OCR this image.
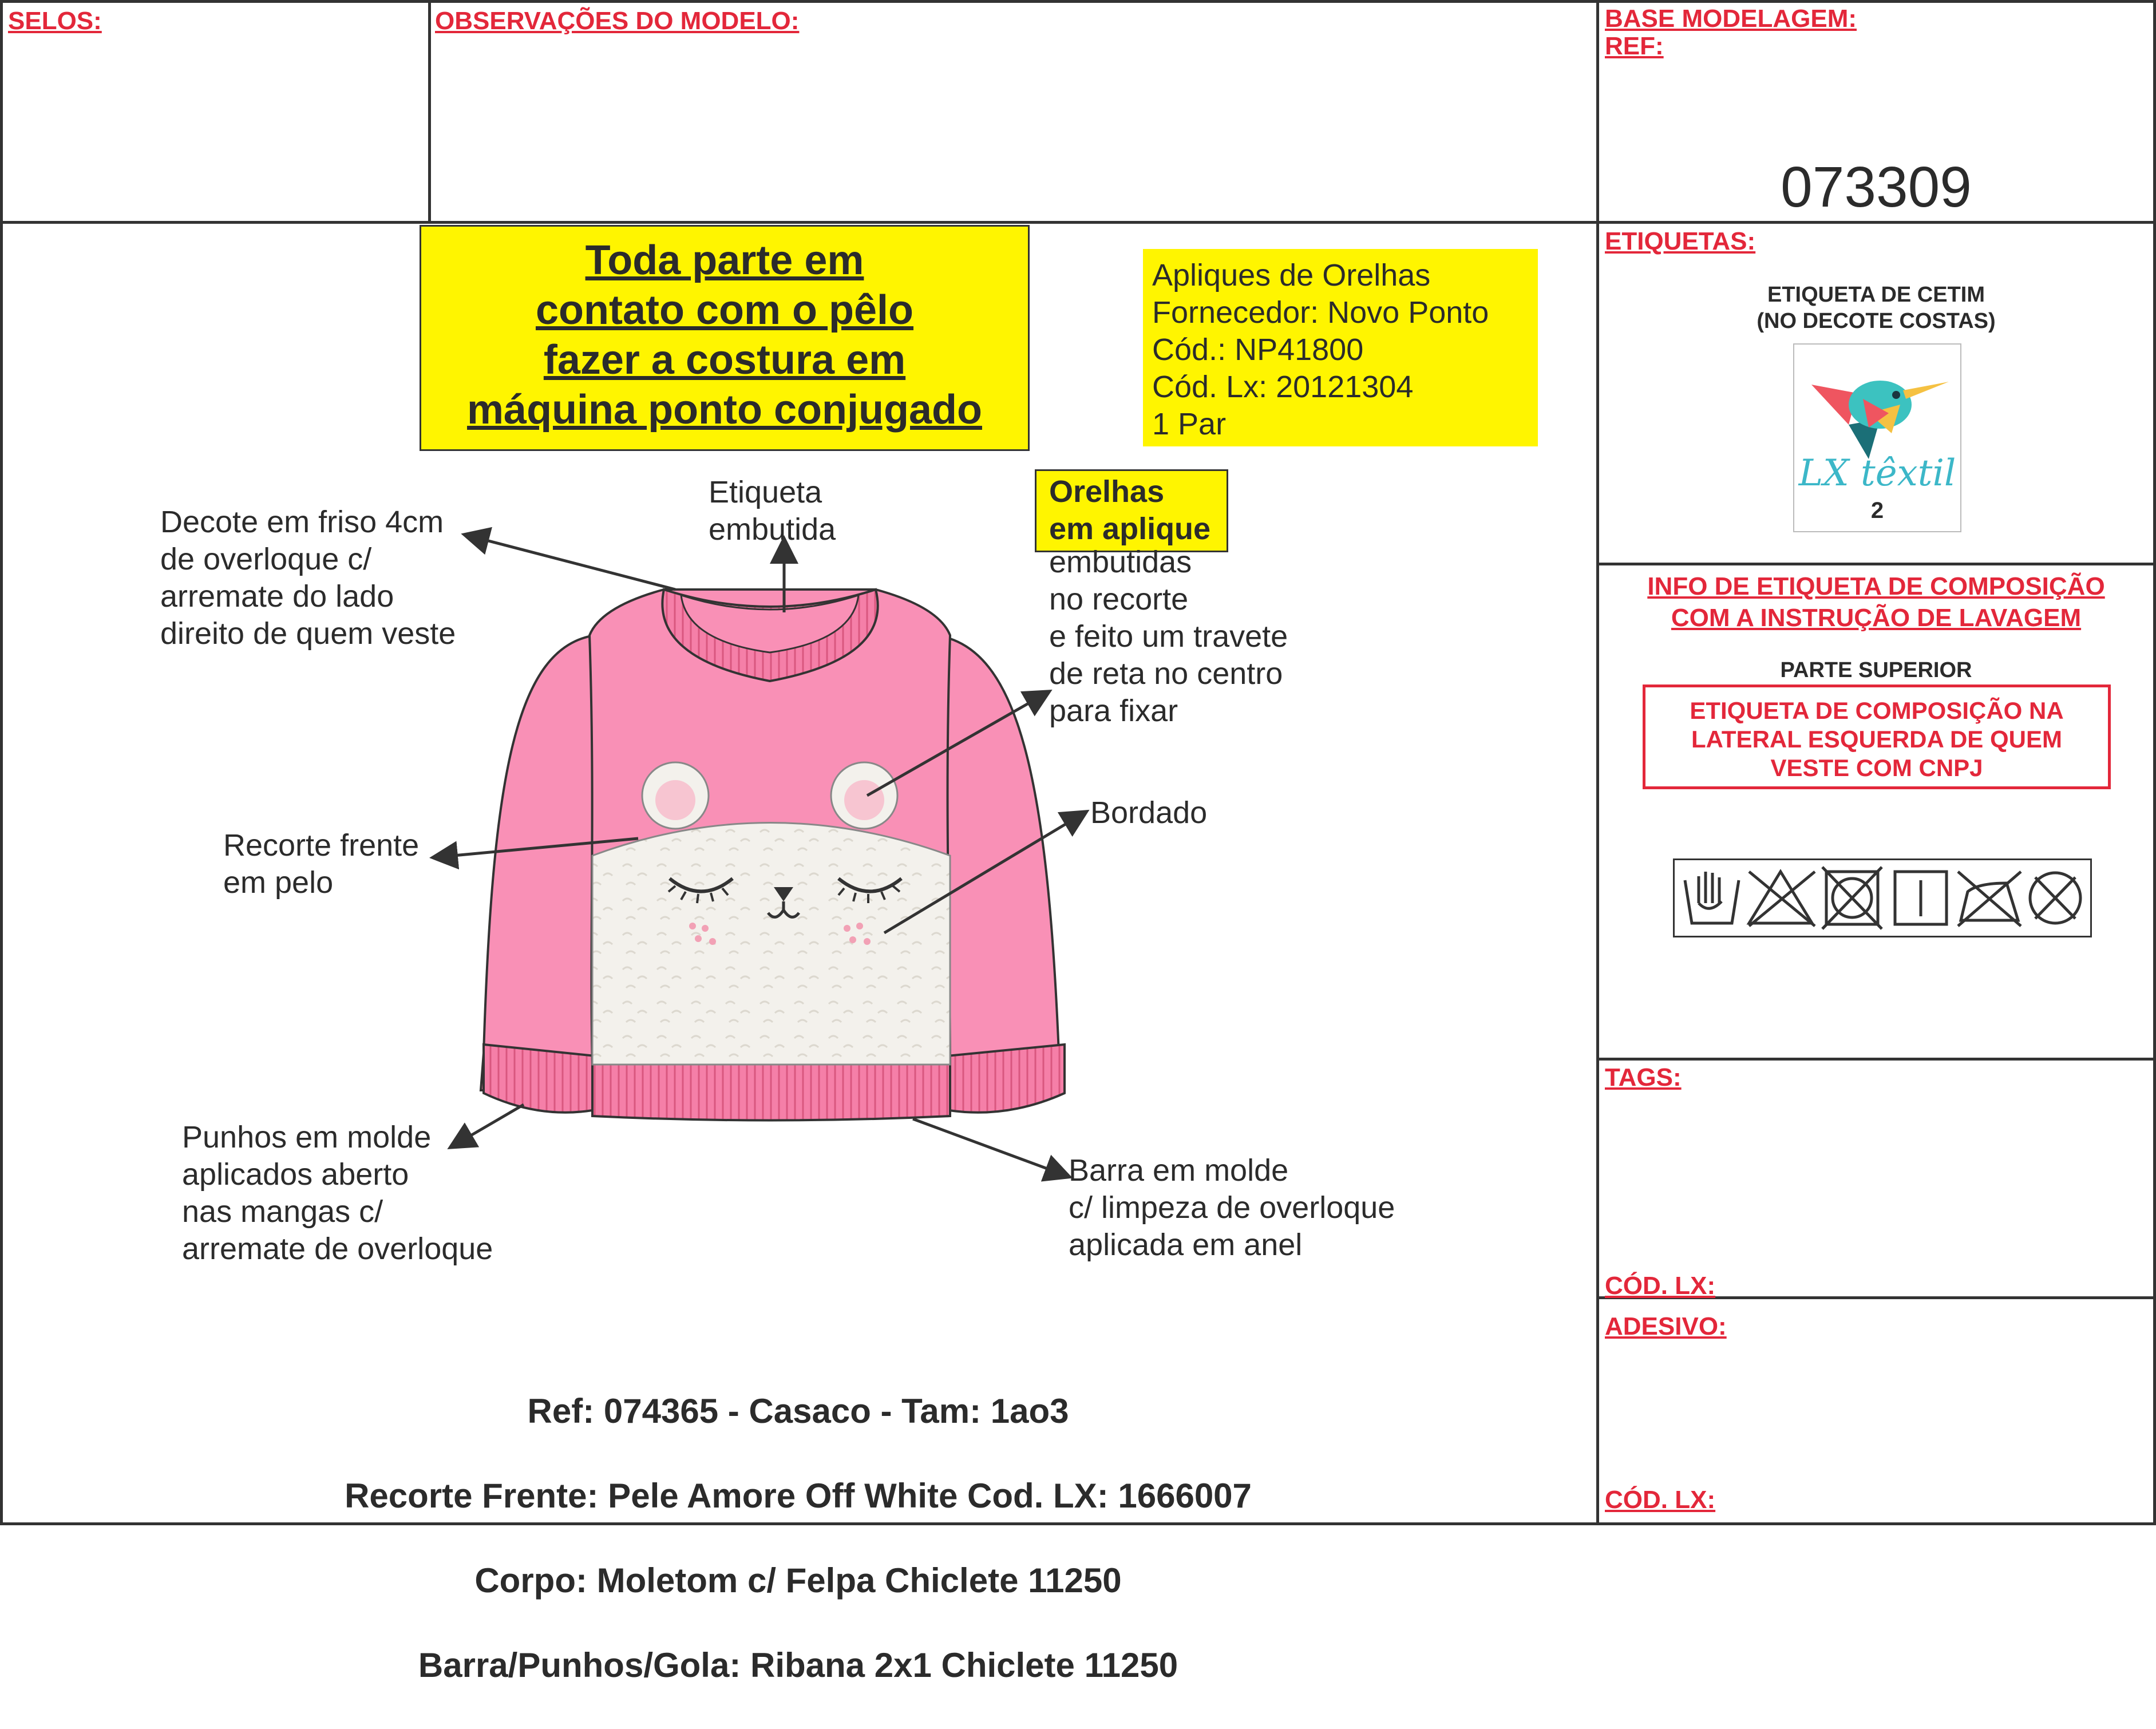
SELOS:	OBSERVAÇÕES DO MODELO:	BASE MODELAGEM:
REF:
073309
Toda parte em
contato com o pêlo
fazer a costura em
máquina ponto conjugado
Apliques de Orelhas
Fornecedor: Novo Ponto
Cód.: NP41800
Cód. Lx: 20121304
1 Par
Orelhas
em aplique
Decote em friso 4cm
de overloque c/
arremate do lado
direito de quem veste
Etiqueta
embutida
embutidas
no recorte
e feito um travete
de reta no centro
para fixar
Recorte frente
em pelo
Bordado
Punhos em molde
aplicados aberto
nas mangas c/
arremate de overloque
Barra em molde
c/ limpeza de overloque
aplicada em anel

Ref: 074365 - Casaco - Tam: 1ao3

Recorte Frente: Pele Amore Off White Cod. LX: 1666007

Corpo: Moletom c/ Felpa Chiclete 11250

Barra/Punhos/Gola: Ribana 2x1 Chiclete 11250

ETIQUETAS:
ETIQUETA DE CETIM
(NO DECOTE COSTAS)
LX têxtil
2
INFO DE ETIQUETA DE COMPOSIÇÃO
COM A INSTRUÇÃO DE LAVAGEM
PARTE SUPERIOR
ETIQUETA DE COMPOSIÇÃO NA
LATERAL ESQUERDA DE QUEM
VESTE COM CNPJ
TAGS:
CÓD. LX:
ADESIVO:
CÓD. LX:
